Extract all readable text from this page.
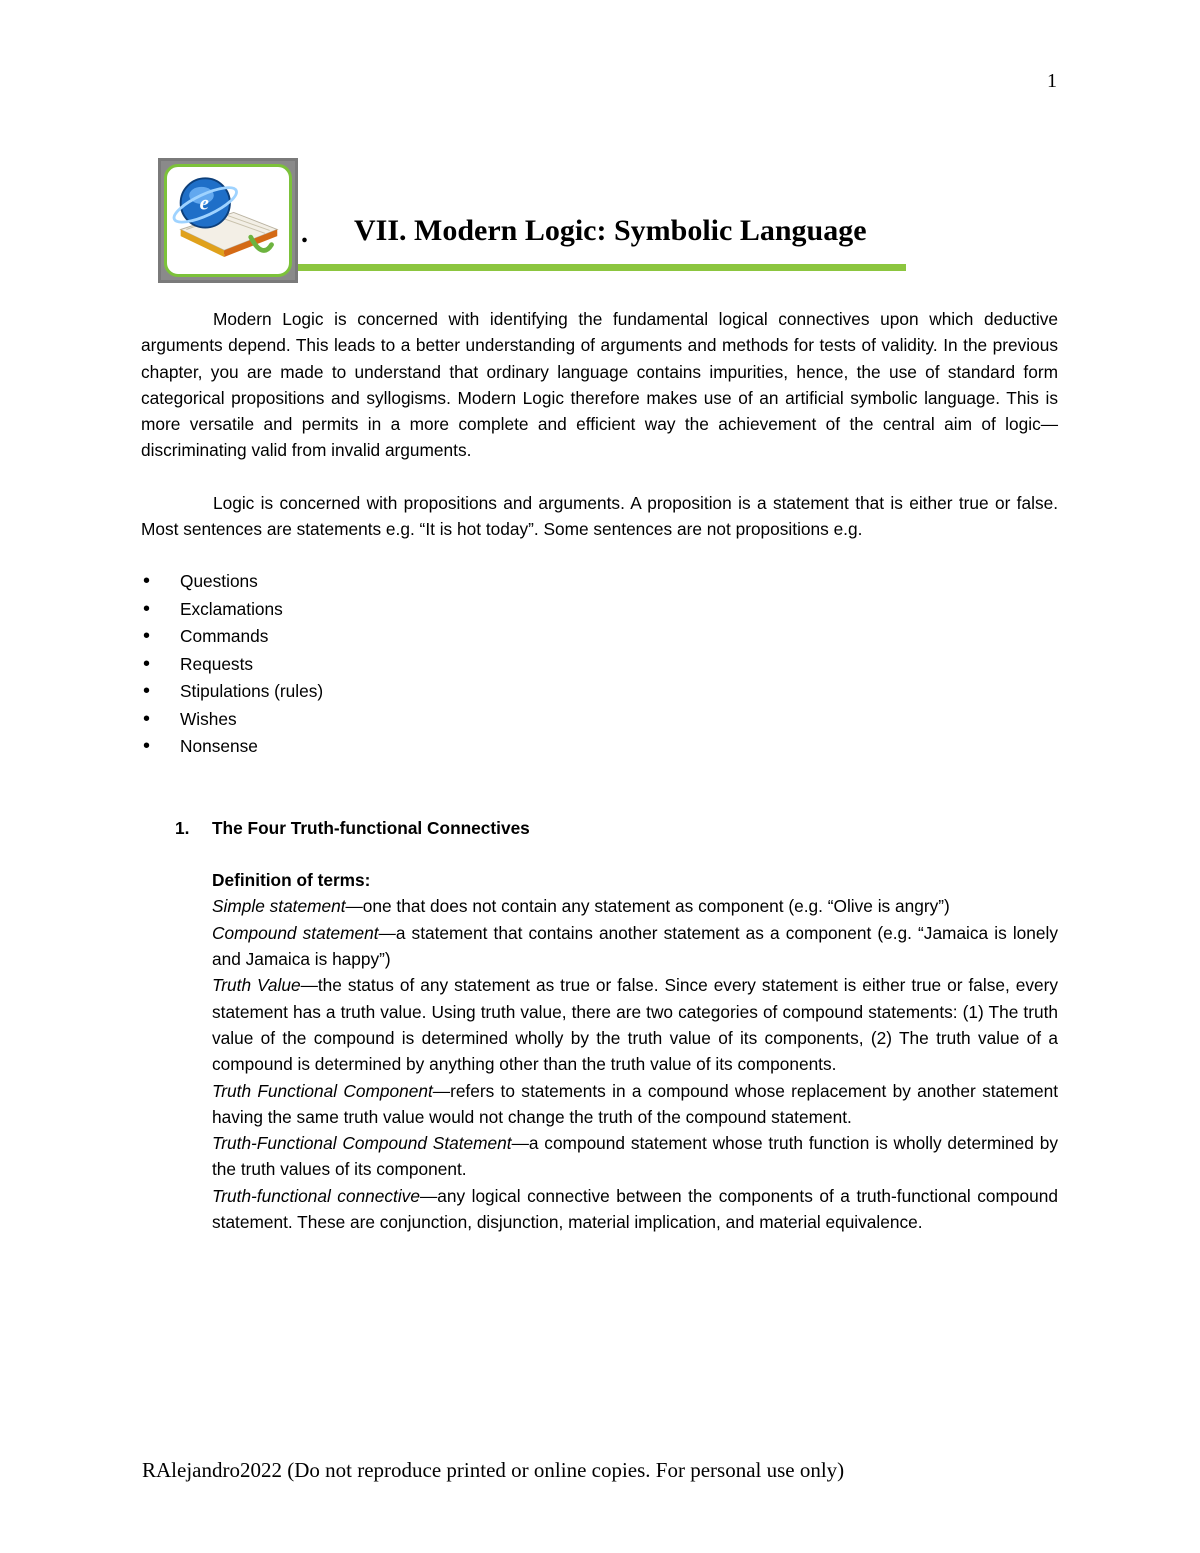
1
e
. VII. Modern Logic: Symbolic Language

Modern Logic is concerned with identifying the fundamental logical connectives upon which deductive arguments depend. This leads to a better understanding of arguments and methods for tests of validity. In the previous chapter, you are made to understand that ordinary language contains impurities, hence, the use of standard form categorical propositions and syllogisms. Modern Logic therefore makes use of an artificial symbolic language. This is more versatile and permits in a more complete and efficient way the achievement of the central aim of logic—discriminating valid from invalid arguments.

Logic is concerned with propositions and arguments. A proposition is a statement that is either true or false. Most sentences are statements e.g. “It is hot today”. Some sentences are not propositions e.g.

• Questions
• Exclamations
• Commands
• Requests
• Stipulations (rules)
• Wishes
• Nonsense

1. The Four Truth-functional Connectives

Definition of terms:

Simple statement—one that does not contain any statement as component (e.g. “Olive is angry”)

Compound statement—a statement that contains another statement as a component (e.g. “Jamaica is lonely and Jamaica is happy”)

Truth Value—the status of any statement as true or false. Since every statement is either true or false, every statement has a truth value. Using truth value, there are two categories of compound statements: (1) The truth value of the compound is determined wholly by the truth value of its components, (2) The truth value of a compound is determined by anything other than the truth value of its components.

Truth Functional Component—refers to statements in a compound whose replacement by another statement having the same truth value would not change the truth of the compound statement.

Truth-Functional Compound Statement—a compound statement whose truth function is wholly determined by the truth values of its component.

Truth-functional connective—any logical connective between the components of a truth-functional compound statement. These are conjunction, disjunction, material implication, and material equivalence.

RAlejandro2022 (Do not reproduce printed or online copies. For personal use only)
